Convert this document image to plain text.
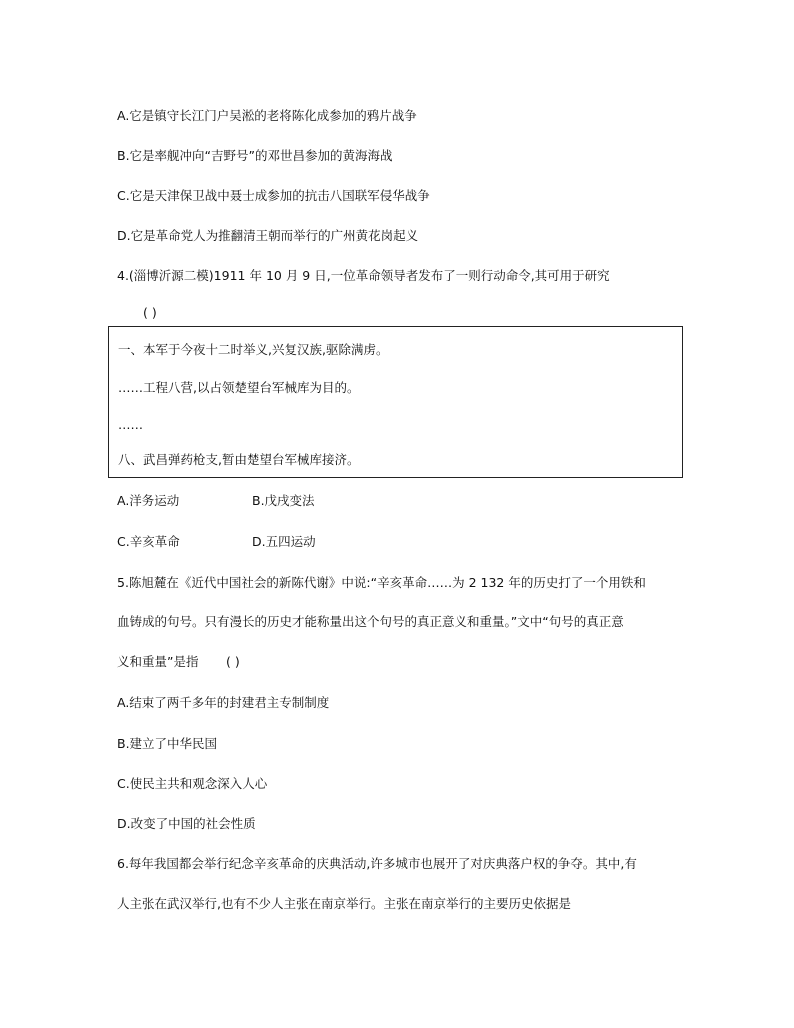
A.它是镇守长江门户吴淞的老将陈化成参加的鸦片战争
B.它是率舰冲向“吉野号”的邓世昌参加的黄海海战
C.它是天津保卫战中聂士成参加的抗击八国联军侵华战争
D.它是革命党人为推翻清王朝而举行的广州黄花岗起义
4.(淄博沂源二模)1911 年 10 月 9 日,一位革命领导者发布了一则行动命令,其可用于研究
( )
一、本军于今夜十二时举义,兴复汉族,驱除满虏。
……工程八营,以占领楚望台军械库为目的。
……
八、武昌弹药枪支,暂由楚望台军械库接济。
A.洋务运动	B.戊戌变法
C.辛亥革命	D.五四运动
5.陈旭麓在《近代中国社会的新陈代谢》中说:“辛亥革命……为 2 132 年的历史打了一个用铁和
血铸成的句号。只有漫长的历史才能称量出这个句号的真正意义和重量。”文中“句号的真正意
义和重量”是指 ( )
A.结束了两千多年的封建君主专制制度
B.建立了中华民国
C.使民主共和观念深入人心
D.改变了中国的社会性质
6.每年我国都会举行纪念辛亥革命的庆典活动,许多城市也展开了对庆典落户权的争夺。其中,有
人主张在武汉举行,也有不少人主张在南京举行。主张在南京举行的主要历史依据是
